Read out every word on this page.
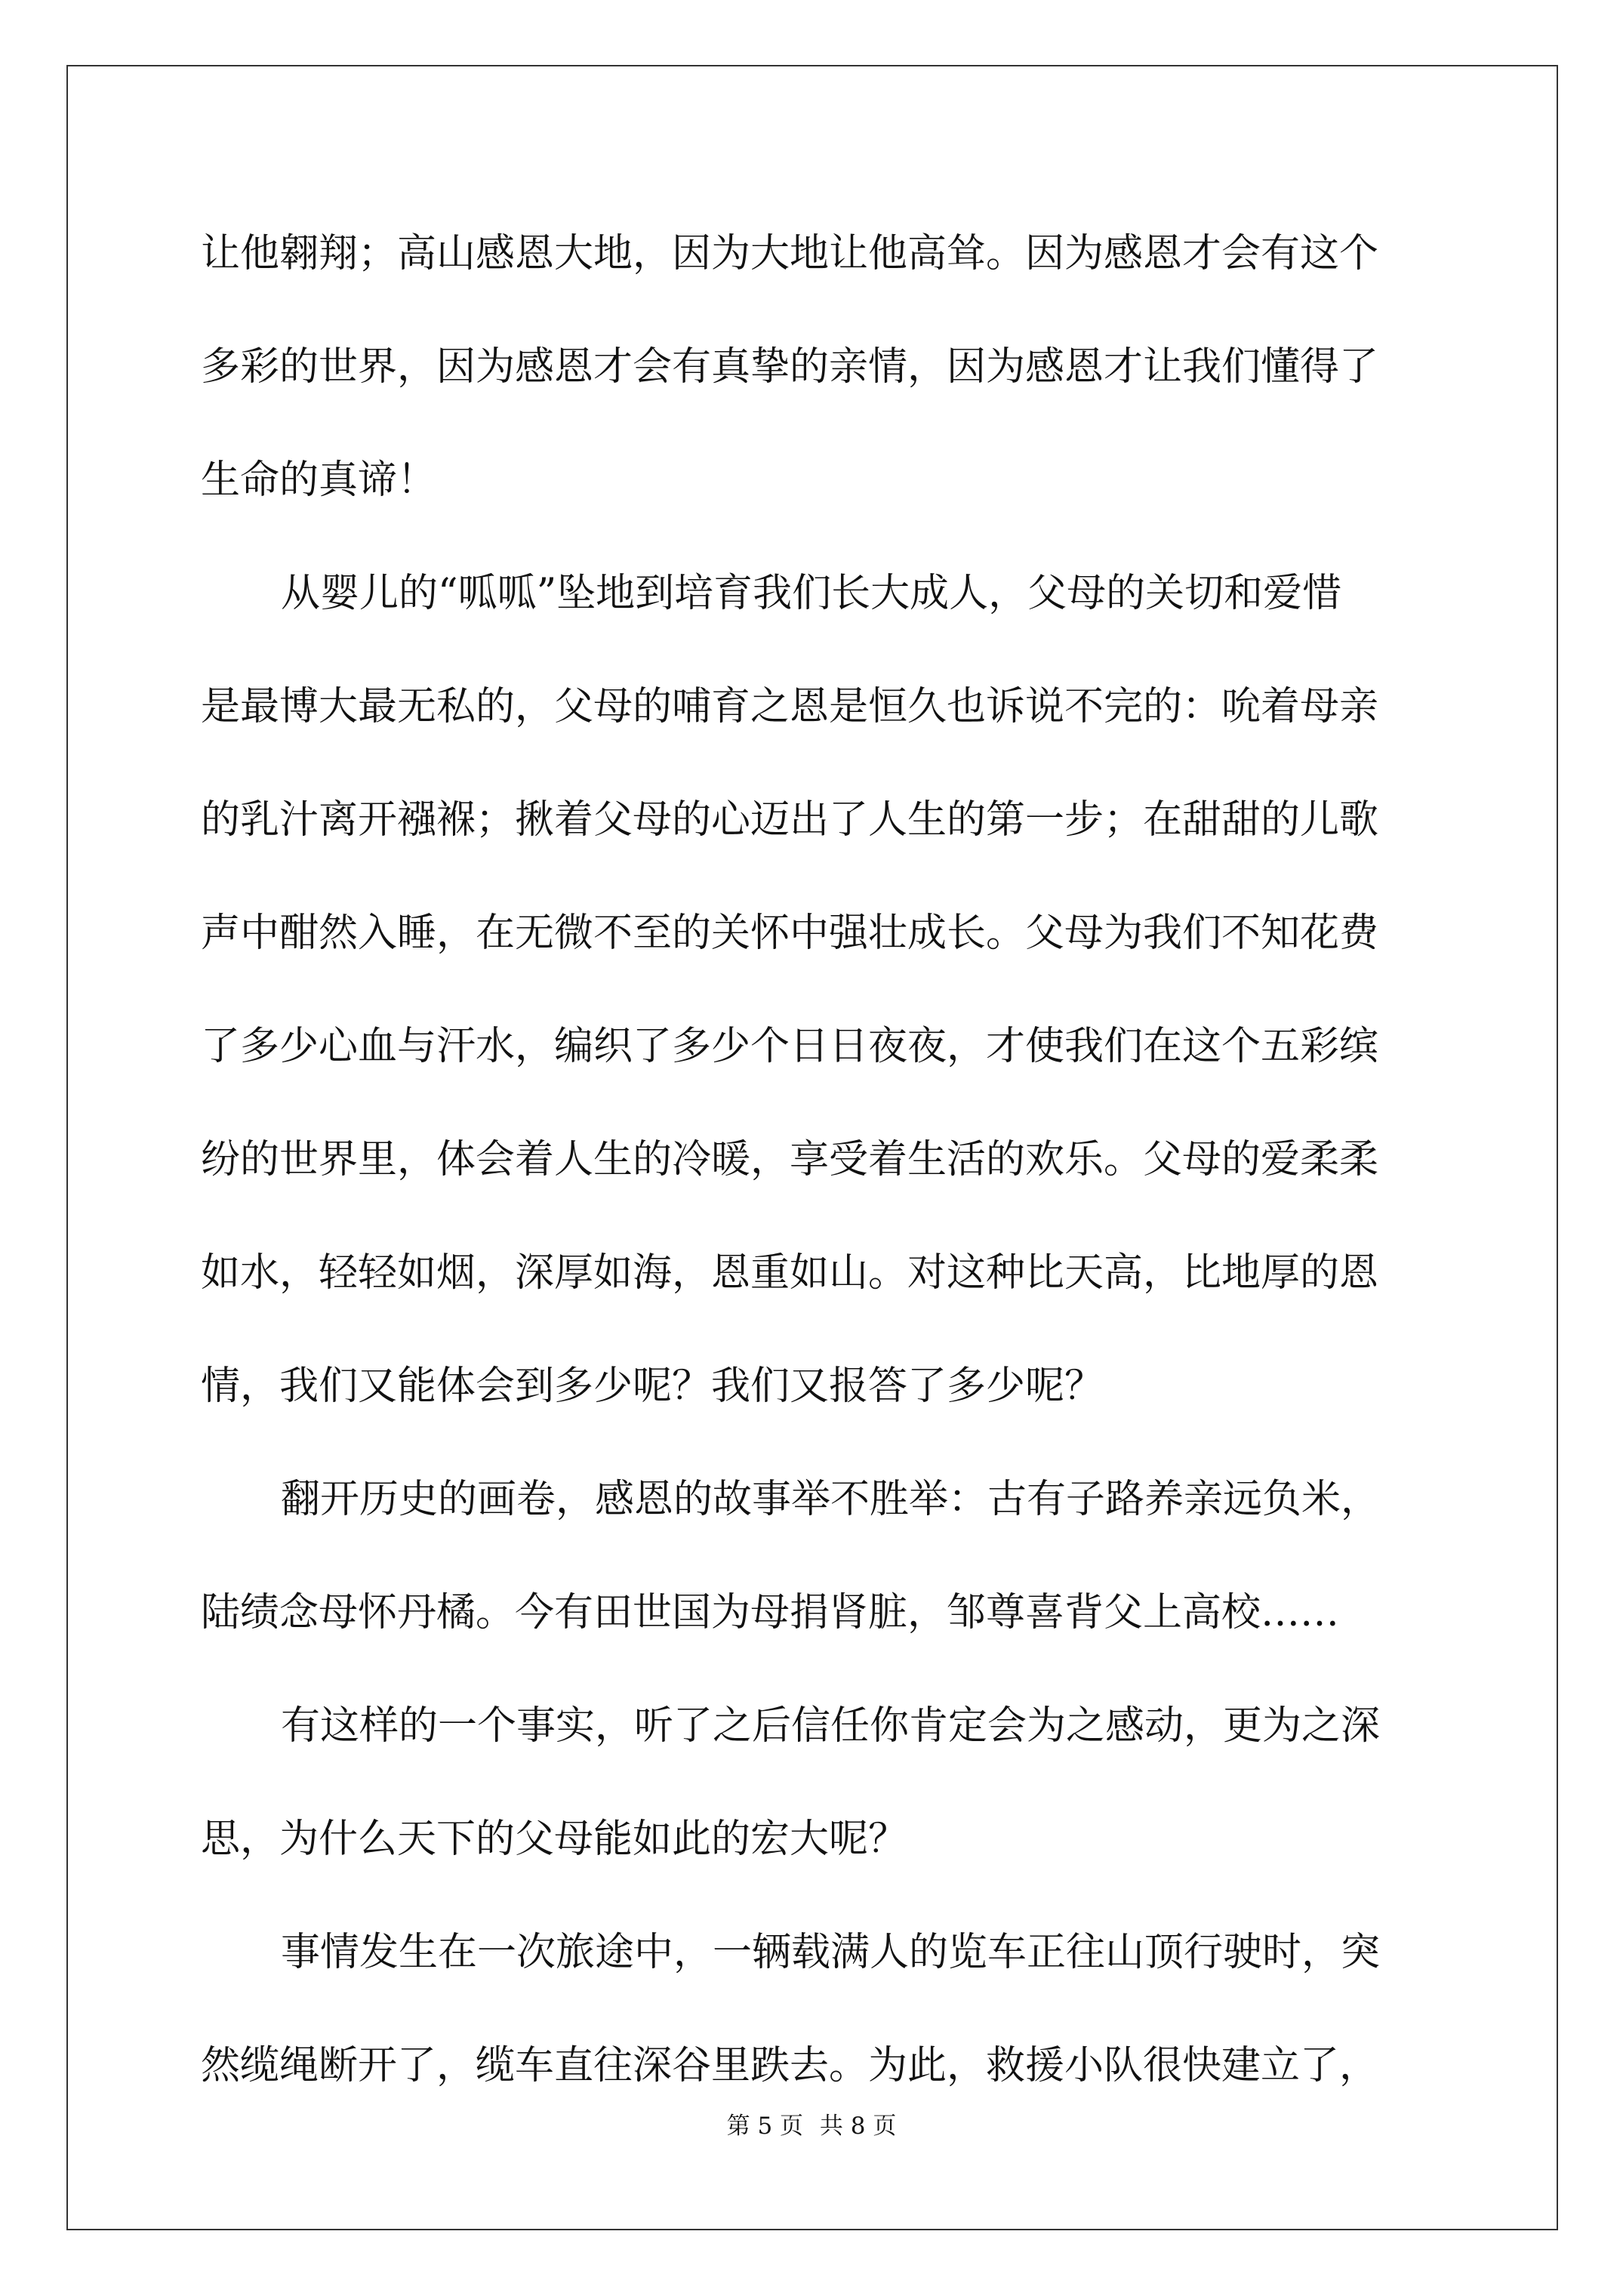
让他翱翔；高山感恩大地，因为大地让他高耸。因为感恩才会有这个
多彩的世界，因为感恩才会有真挚的亲情，因为感恩才让我们懂得了
生命的真谛！
从婴儿的“呱呱”坠地到培育我们长大成人，父母的关切和爱惜
是最博大最无私的，父母的哺育之恩是恒久也诉说不完的：吮着母亲
的乳汁离开襁褓；揪着父母的心迈出了人生的第一步；在甜甜的儿歌
声中酣然入睡，在无微不至的关怀中强壮成长。父母为我们不知花费
了多少心血与汗水，编织了多少个日日夜夜，才使我们在这个五彩缤
纷的世界里，体会着人生的冷暖，享受着生活的欢乐。父母的爱柔柔
如水，轻轻如烟，深厚如海，恩重如山。对这种比天高，比地厚的恩
情，我们又能体会到多少呢？我们又报答了多少呢？
翻开历史的画卷，感恩的故事举不胜举：古有子路养亲远负米，
陆绩念母怀丹橘。今有田世国为母捐肾脏，邹尊喜背父上高校……
有这样的一个事实，听了之后信任你肯定会为之感动，更为之深
思，为什么天下的父母能如此的宏大呢？
事情发生在一次旅途中，一辆载满人的览车正往山顶行驶时，突
然缆绳断开了，缆车直往深谷里跌去。为此，救援小队很快建立了，
第 5 页 共 8 页
